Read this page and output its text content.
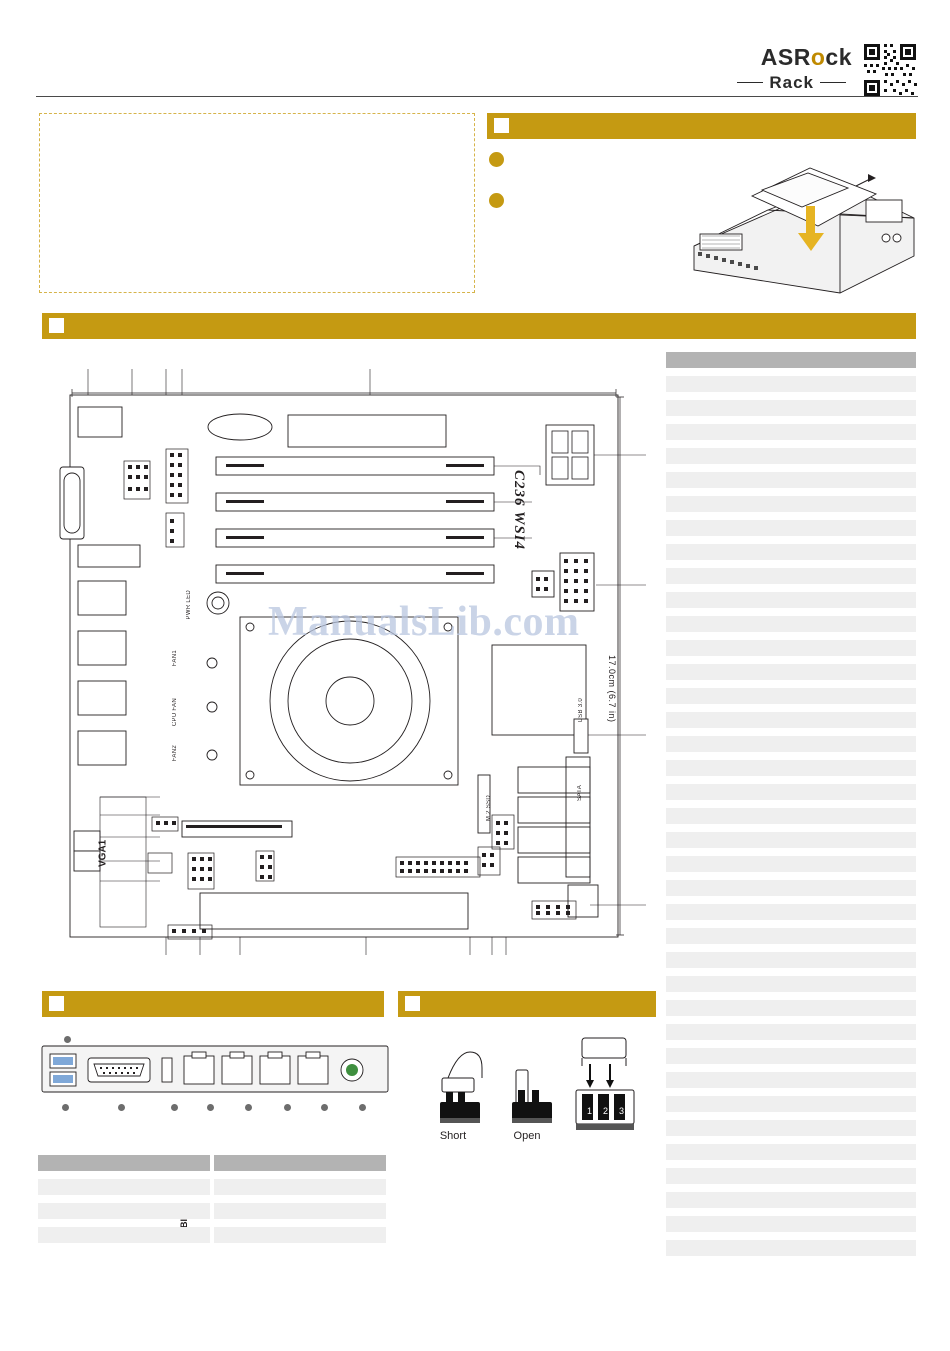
ASRock
Rack
VGA1
C236 WSI4
17.0cm (6.7 in)
PWR LED
FAN1
CPU FAN
FAN2
M.2 SSD
SATA
USB 3.0
ManualsLib.com
1 2 3
Short	Open
